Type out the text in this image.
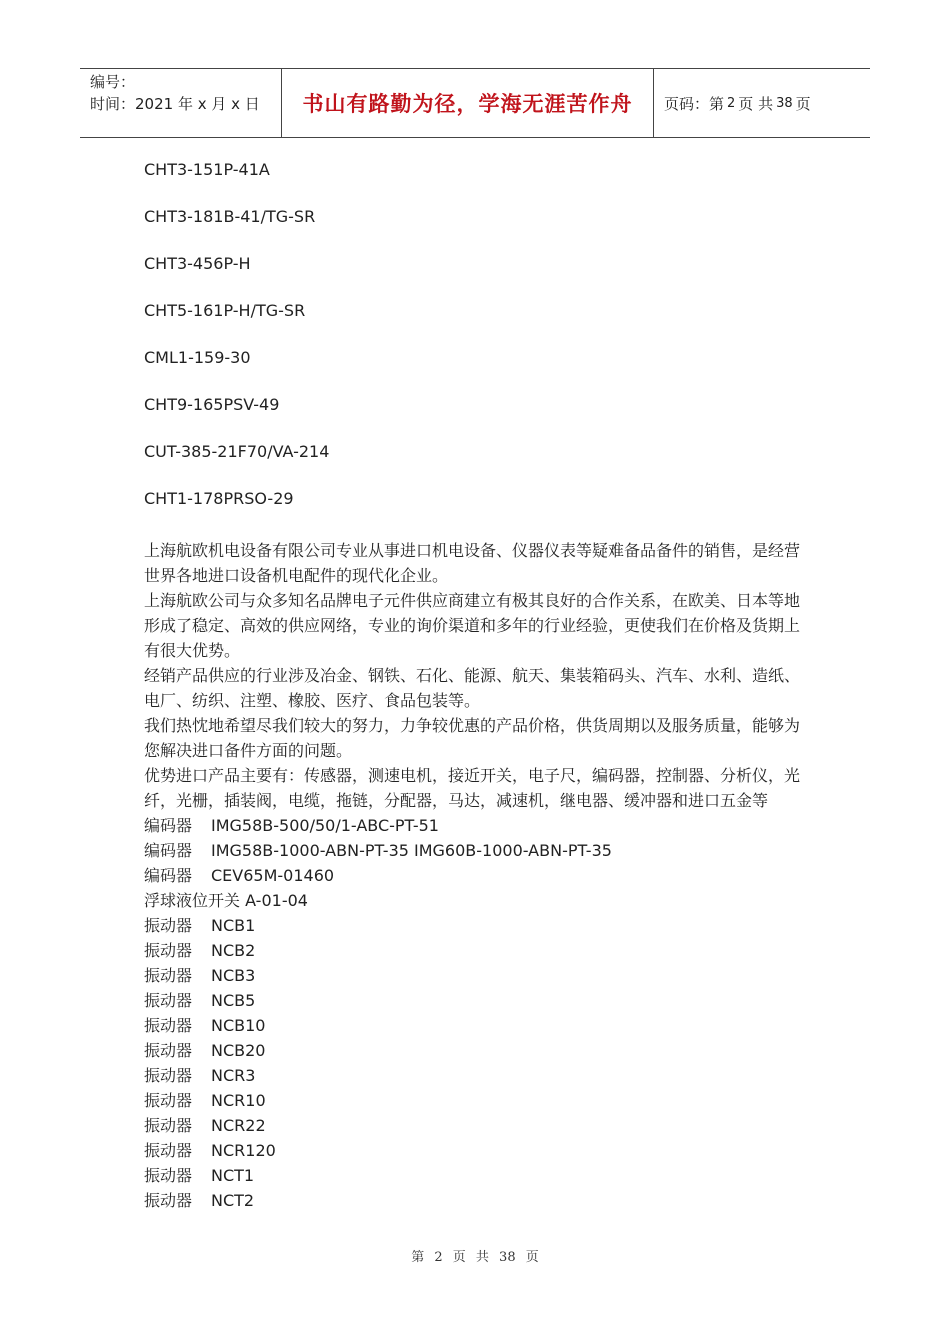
编号：
时间：2021 年 x 月 x 日	书山有路勤为径，学海无涯苦作舟 页码：第 2 页 共 38 页
CHT3-151P-41A
CHT3-181B-41/TG-SR
CHT3-456P-H
CHT5-161P-H/TG-SR
CML1-159-30
CHT9-165PSV-49
CUT-385-21F70/VA-214
CHT1-178PRSO-29

上海航欧机电设备有限公司专业从事进口机电设备、仪器仪表等疑难备品备件的销售，是经营世界各地进口设备机电配件的现代化企业。

上海航欧公司与众多知名品牌电子元件供应商建立有极其良好的合作关系，在欧美、日本等地形成了稳定、高效的供应网络，专业的询价渠道和多年的行业经验，更使我们在价格及货期上有很大优势。

经销产品供应的行业涉及冶金、钢铁、石化、能源、航天、集装箱码头、汽车、水利、造纸、电厂、纺织、注塑、橡胶、医疗、食品包装等。

我们热忱地希望尽我们较大的努力，力争较优惠的产品价格，供货周期以及服务质量，能够为您解决进口备件方面的问题。

优势进口产品主要有：传感器，测速电机，接近开关，电子尺，编码器，控制器、分析仪，光纤，光栅，插装阀，电缆，拖链，分配器，马达，减速机，继电器、缓冲器和进口五金等

编码器 IMG58B-500/50/1-ABC-PT-51
编码器 IMG58B-1000-ABN-PT-35 IMG60B-1000-ABN-PT-35
编码器 CEV65M-01460
浮球液位开关 A-01-04
振动器 NCB1
振动器 NCB2
振动器 NCB3
振动器 NCB5
振动器 NCB10
振动器 NCB20
振动器 NCR3
振动器 NCR10
振动器 NCR22
振动器 NCR120
振动器 NCT1
振动器 NCT2
第 2 页 共 38 页
